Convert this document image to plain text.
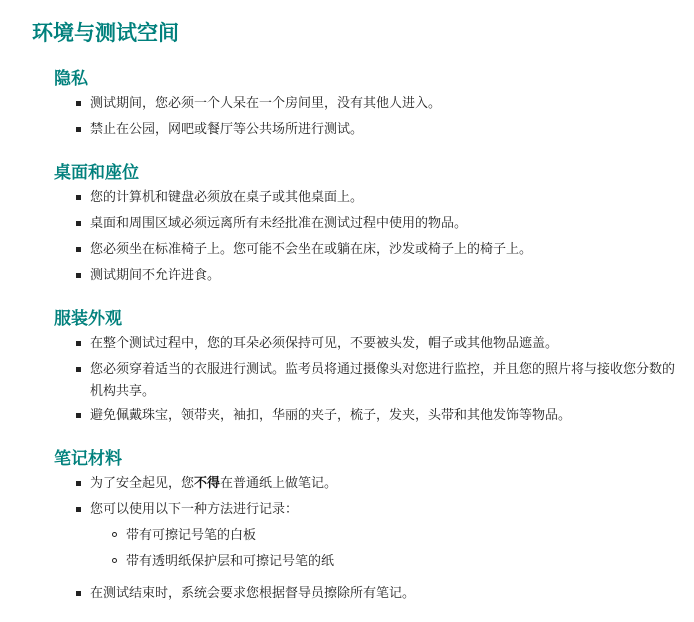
环境与测试空间
隐私
测试期间，您必须一个人呆在一个房间里，没有其他人进入。
禁止在公园，网吧或餐厅等公共场所进行测试。
桌面和座位
您的计算机和键盘必须放在桌子或其他桌面上。
桌面和周围区域必须远离所有未经批准在测试过程中使用的物品。
您必须坐在标准椅子上。您可能不会坐在或躺在床，沙发或椅子上的椅子上。
测试期间不允许进食。
服装外观
在整个测试过程中，您的耳朵必须保持可见，不要被头发，帽子或其他物品遮盖。
您必须穿着适当的衣服进行测试。监考员将通过摄像头对您进行监控，并且您的照片将与接收您分数的机构共享。
避免佩戴珠宝，领带夹，袖扣，华丽的夹子，梳子，发夹，头带和其他发饰等物品。
笔记材料
为了安全起见，您不得在普通纸上做笔记。
您可以使用以下一种方法进行记录：
带有可擦记号笔的白板
带有透明纸保护层和可擦记号笔的纸
在测试结束时，系统会要求您根据督导员擦除所有笔记。
